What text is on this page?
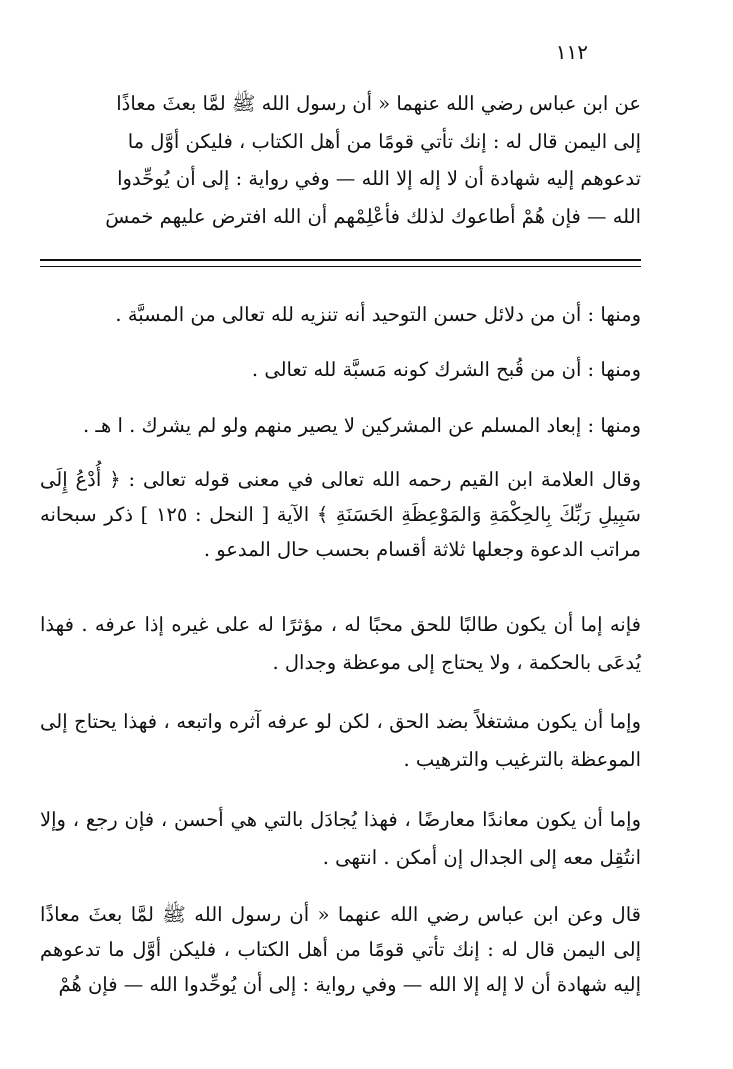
١١٢
عن ابن عباس رضي الله عنهما « أن رسول الله ﷺ لمَّا بعثَ معاذًا
إلى اليمن قال له : إنك تأتي قومًا من أهل الكتاب ، فليكن أوَّل ما
تدعوهم إليه شهادة أن لا إله إلا الله — وفي رواية : إلى أن يُوحِّدوا
الله — فإن هُمْ أطاعوك لذلك فأعْلِمْهم أن الله افترض عليهم خمسَ
ومنها : أن من دلائل حسن التوحيد أنه تنزيه لله تعالى من المسبَّة .
ومنها : أن من قُبح الشرك كونه مَسبَّة لله تعالى .
ومنها : إبعاد المسلم عن المشركين لا يصير منهم ولو لم يشرك . ا هـ .
وقال العلامة ابن القيم رحمه الله تعالى في معنى قوله تعالى : ﴿ أُدْعُ إِلَى سَبِيلِ رَبِّكَ بِالحِكْمَةِ وَالمَوْعِظَةِ الحَسَنَةِ ﴾ الآية [ النحل : ١٢٥ ] ذكر سبحانه مراتب الدعوة وجعلها ثلاثة أقسام بحسب حال المدعو .
فإنه إما أن يكون طالبًا للحق محبًا له ، مؤثرًا له على غيره إذا عرفه . فهذا يُدعَى بالحكمة ، ولا يحتاج إلى موعظة وجدال .
وإما أن يكون مشتغلاً بضد الحق ، لكن لو عرفه آثره واتبعه ، فهذا يحتاج إلى الموعظة بالترغيب والترهيب .
وإما أن يكون معاندًا معارضًا ، فهذا يُجادَل بالتي هي أحسن ، فإن رجع ، وإلا انتُقِل معه إلى الجدال إن أمكن . انتهى .
قال وعن ابن عباس رضي الله عنهما « أن رسول الله ﷺ لمَّا بعثَ معاذًا إلى اليمن قال له : إنك تأتي قومًا من أهل الكتاب ، فليكن أوَّل ما تدعوهم إليه شهادة أن لا إله إلا الله — وفي رواية : إلى أن يُوحِّدوا الله — فإن هُمْ
